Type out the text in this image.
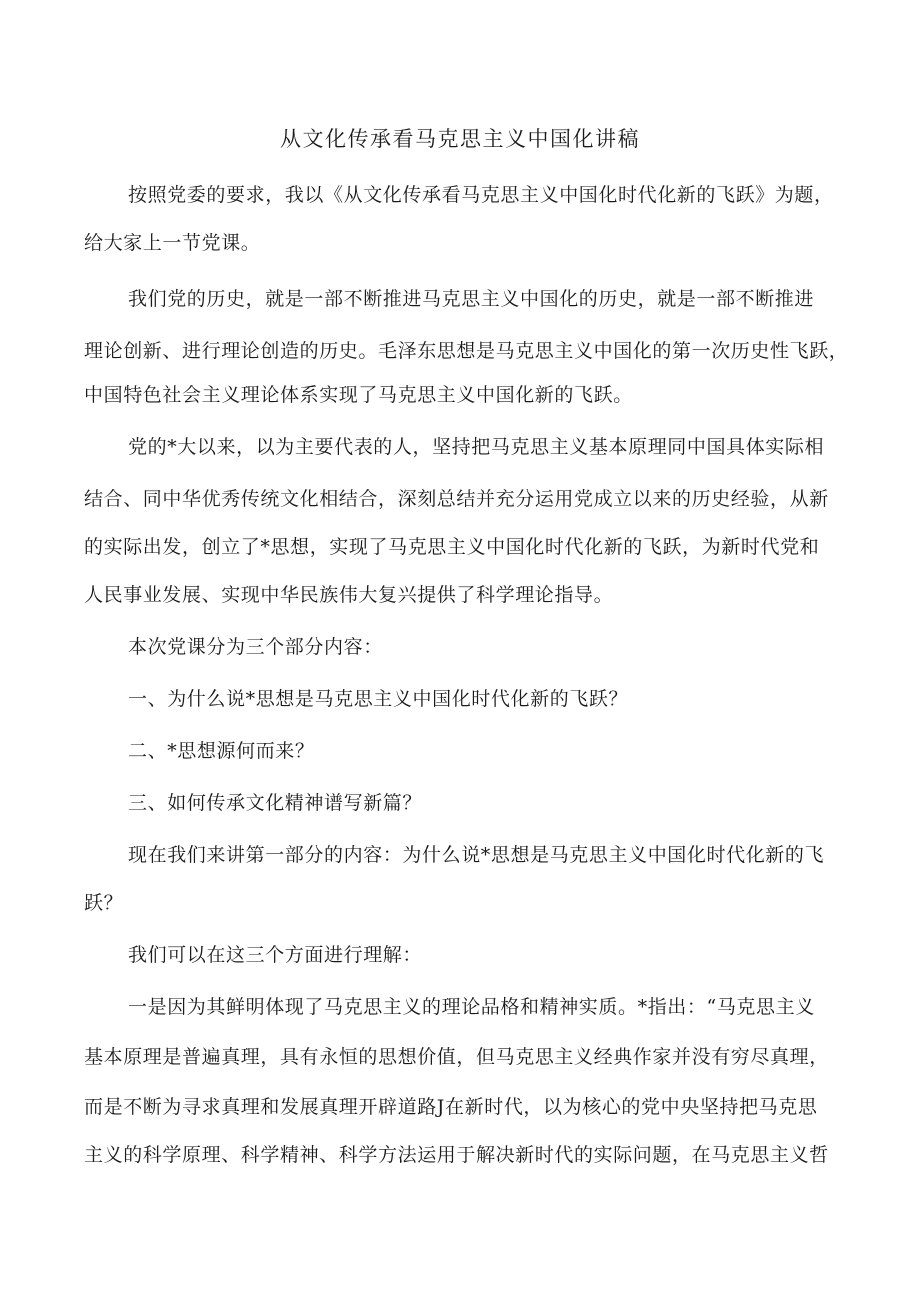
从文化传承看马克思主义中国化讲稿
按照党委的要求，我以《从文化传承看马克思主义中国化时代化新的飞跃》为题，
给大家上一节党课。
我们党的历史，就是一部不断推进马克思主义中国化的历史，就是一部不断推进
理论创新、进行理论创造的历史。毛泽东思想是马克思主义中国化的第一次历史性飞跃，
中国特色社会主义理论体系实现了马克思主义中国化新的飞跃。
党的*大以来，以为主要代表的人，坚持把马克思主义基本原理同中国具体实际相
结合、同中华优秀传统文化相结合，深刻总结并充分运用党成立以来的历史经验，从新
的实际出发，创立了*思想，实现了马克思主义中国化时代化新的飞跃，为新时代党和
人民事业发展、实现中华民族伟大复兴提供了科学理论指导。
本次党课分为三个部分内容：
一、为什么说*思想是马克思主义中国化时代化新的飞跃？
二、*思想源何而来？
三、如何传承文化精神谱写新篇？
现在我们来讲第一部分的内容：为什么说*思想是马克思主义中国化时代化新的飞
跃？
我们可以在这三个方面进行理解：
一是因为其鲜明体现了马克思主义的理论品格和精神实质。*指出：“马克思主义
基本原理是普遍真理，具有永恒的思想价值，但马克思主义经典作家并没有穷尽真理，
而是不断为寻求真理和发展真理开辟道路J在新时代，以为核心的党中央坚持把马克思
主义的科学原理、科学精神、科学方法运用于解决新时代的实际问题，在马克思主义哲
